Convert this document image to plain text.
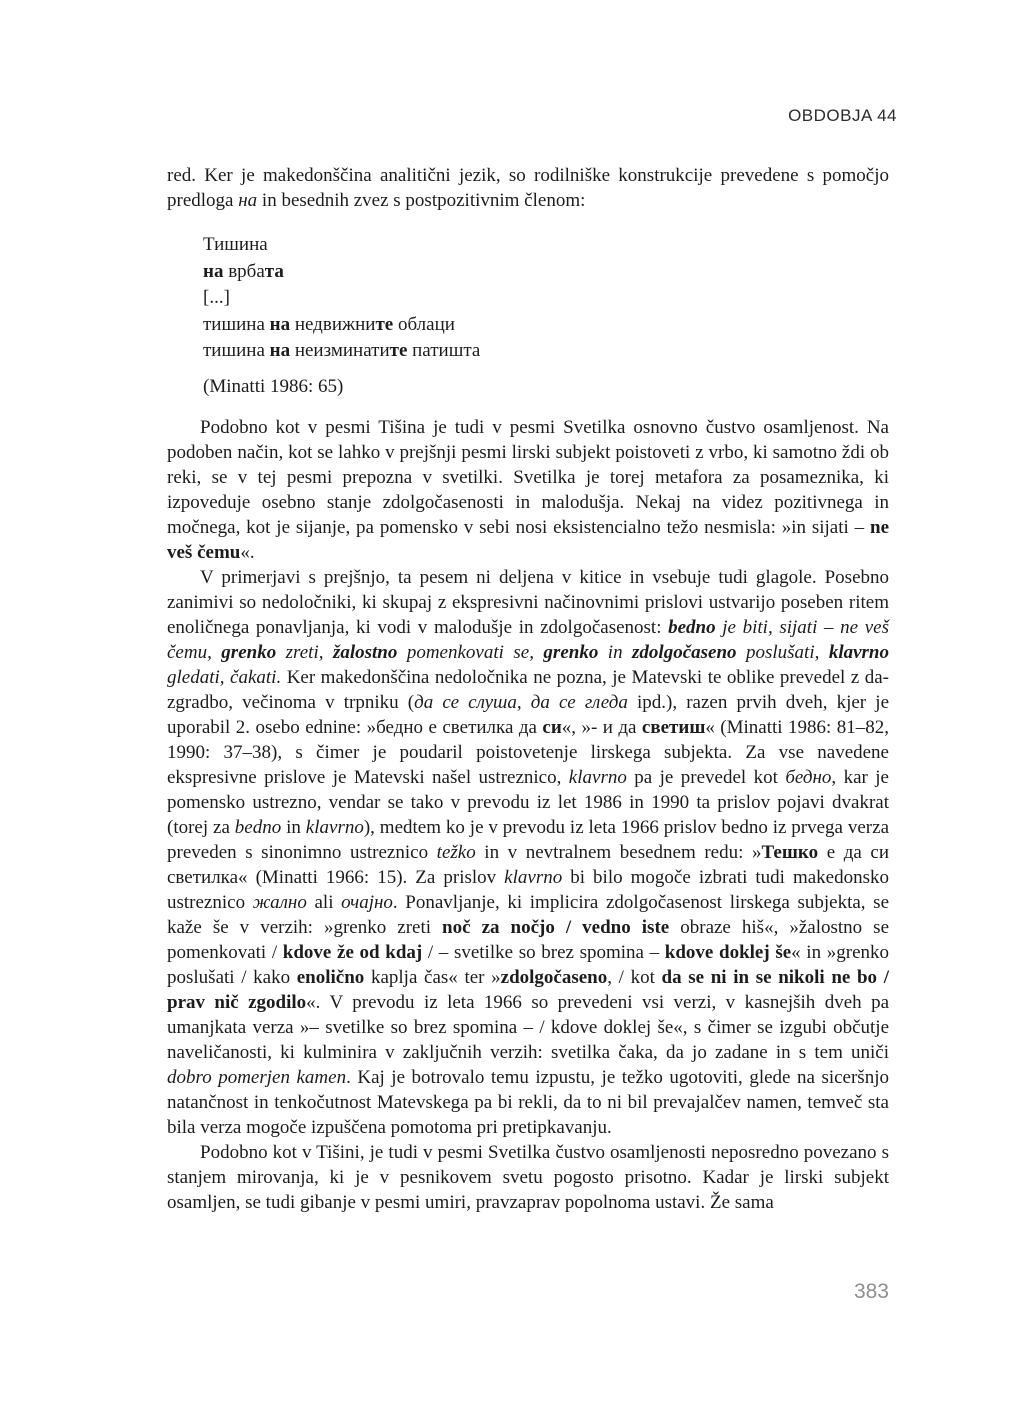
OBDOBJA 44

red. Ker je makedonščina analitični jezik, so rodilniške konstrukcije prevedene s pomočjo predloga на in besednih zvez s postpozitivnim členom:

Тишина
на врбата
[...]
тишина на недвижните облаци
тишина на неизминатите патишта

(Minatti 1986: 65)

Podobno kot v pesmi Tišina je tudi v pesmi Svetilka osnovno čustvo osamljenost. Na podoben način, kot se lahko v prejšnji pesmi lirski subjekt poistoveti z vrbo, ki samotno ždi ob reki, se v tej pesmi prepozna v svetilki. Svetilka je torej metafora za posameznika, ki izpoveduje osebno stanje zdolgočasenosti in malodušja. Nekaj na videz pozitivnega in močnega, kot je sijanje, pa pomensko v sebi nosi eksistencialno težo nesmisla: »in sijati – ne veš čemu«.

V primerjavi s prejšnjo, ta pesem ni deljena v kitice in vsebuje tudi glagole. Posebno zanimivi so nedoločniki, ki skupaj z ekspresivni načinovnimi prislovi ustvarijo poseben ritem enoličnega ponavljanja, ki vodi v malodušje in zdolgočasenost: bedno je biti, sijati – ne veš čemu, grenko zreti, žalostno pomenkovati se, grenko in zdolgočaseno poslušati, klavrno gledati, čakati. Ker makedonščina nedoločnika ne pozna, je Matevski te oblike prevedel z da-zgradbo, večinoma v trpniku (да се слуша, да се гледа ipd.), razen prvih dveh, kjer je uporabil 2. osebo ednine: »бедно е светилка да си«, »- и да светиш« (Minatti 1986: 81–82, 1990: 37–38), s čimer je poudaril poistovetenje lirskega subjekta. Za vse navedene ekspresivne prislove je Matevski našel ustreznico, klavrno pa je prevedel kot бедно, kar je pomensko ustrezno, vendar se tako v prevodu iz let 1986 in 1990 ta prislov pojavi dvakrat (torej za bedno in klavrno), medtem ko je v prevodu iz leta 1966 prislov bedno iz prvega verza preveden s sinonimno ustreznico težko in v nevtralnem besednem redu: »Тешко е да си светилка« (Minatti 1966: 15). Za prislov klavrno bi bilo mogoče izbrati tudi makedonsko ustreznico жално ali очајно. Ponavljanje, ki implicira zdolgočasenost lirskega subjekta, se kaže še v verzih: »grenko zreti noč za nočjo / vedno iste obraze hiš«, »žalostno se pomenkovati / kdove že od kdaj / – svetilke so brez spomina – kdove doklej še« in »grenko poslušati / kako enolično kaplja čas« ter »zdolgočaseno, / kot da se ni in se nikoli ne bo / prav nič zgodilo«. V prevodu iz leta 1966 so prevedeni vsi verzi, v kasnejših dveh pa umanjkata verza »– svetilke so brez spomina – / kdove doklej še«, s čimer se izgubi občutje naveličanosti, ki kulminira v zaključnih verzih: svetilka čaka, da jo zadane in s tem uniči dobro pomerjen kamen. Kaj je botrovalo temu izpustu, je težko ugotoviti, glede na siceršnjo natančnost in tenkočutnost Matevskega pa bi rekli, da to ni bil prevajalčev namen, temveč sta bila verza mogoče izpuščena pomotoma pri pretipkavanju.

Podobno kot v Tišini, je tudi v pesmi Svetilka čustvo osamljenosti neposredno povezano s stanjem mirovanja, ki je v pesnikovem svetu pogosto prisotno. Kadar je lirski subjekt osamljen, se tudi gibanje v pesmi umiri, pravzaprav popolnoma ustavi. Že sama

383
